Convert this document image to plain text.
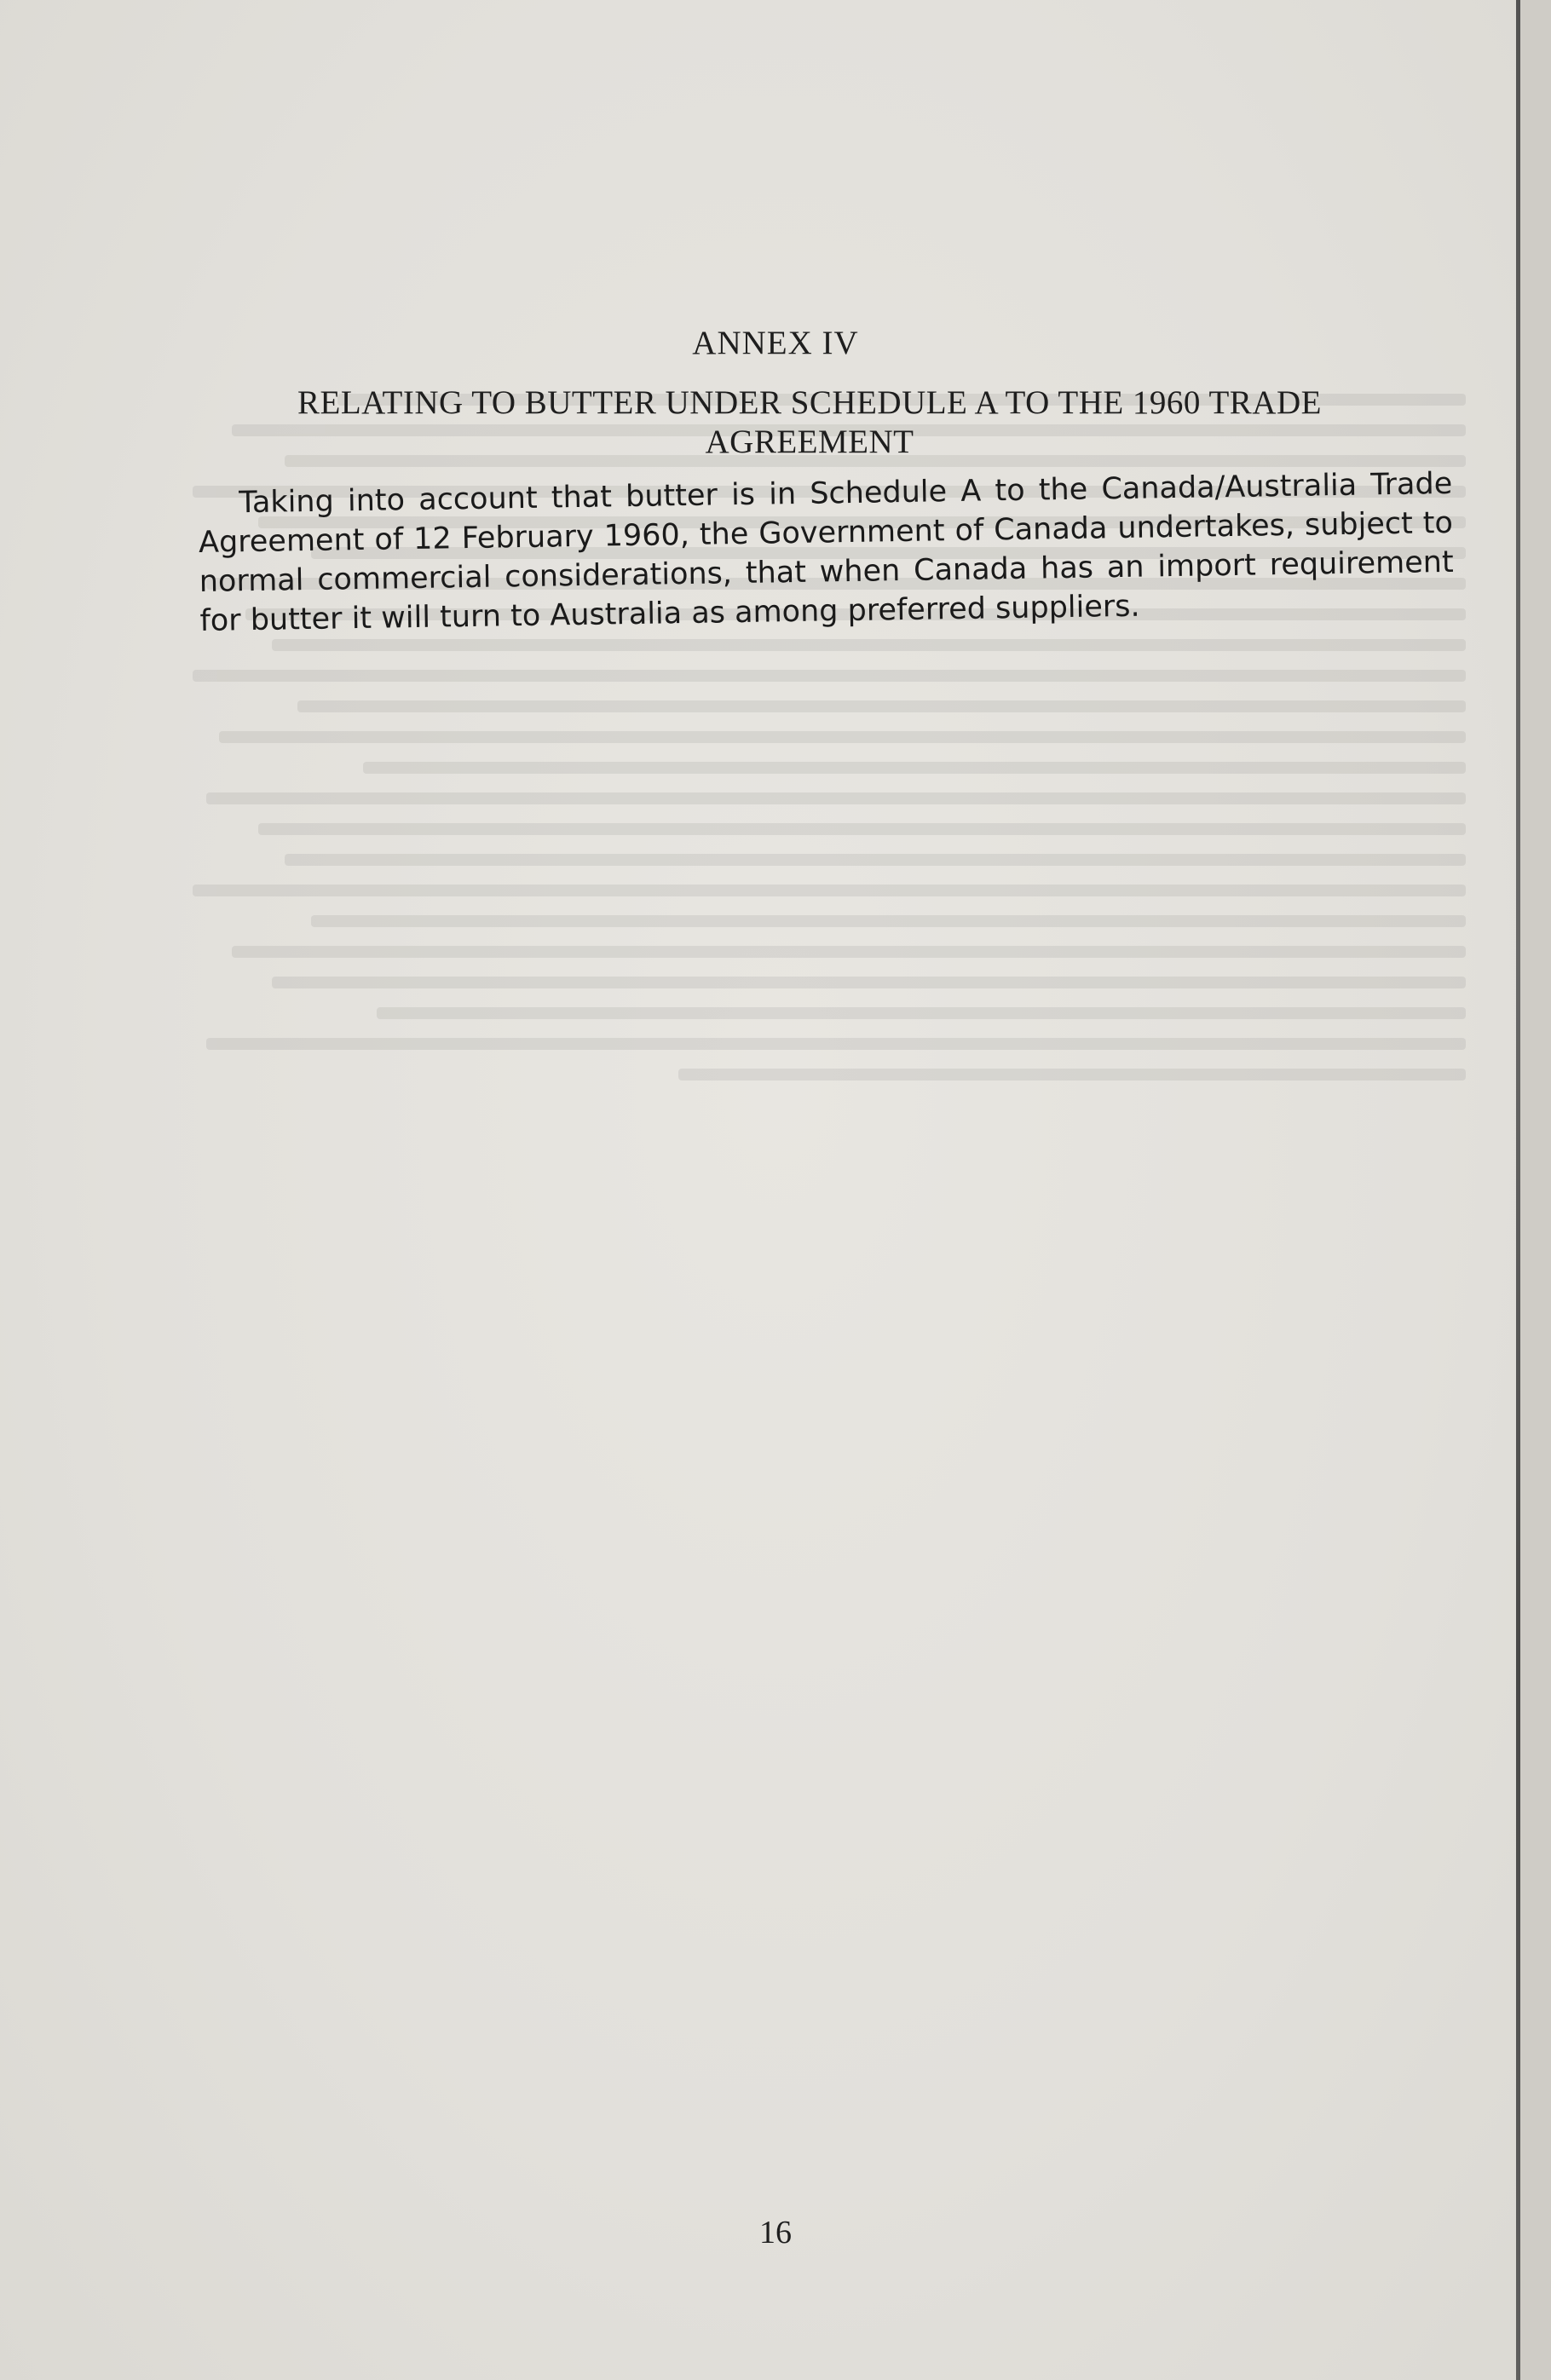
ANNEX IV
RELATING TO BUTTER UNDER SCHEDULE A TO THE 1960 TRADE AGREEMENT

Taking into account that butter is in Schedule A to the Canada/Australia Trade Agreement of 12 February 1960, the Government of Canada undertakes, subject to normal commercial considerations, that when Canada has an import requirement for butter it will turn to Australia as among preferred suppliers.

16
